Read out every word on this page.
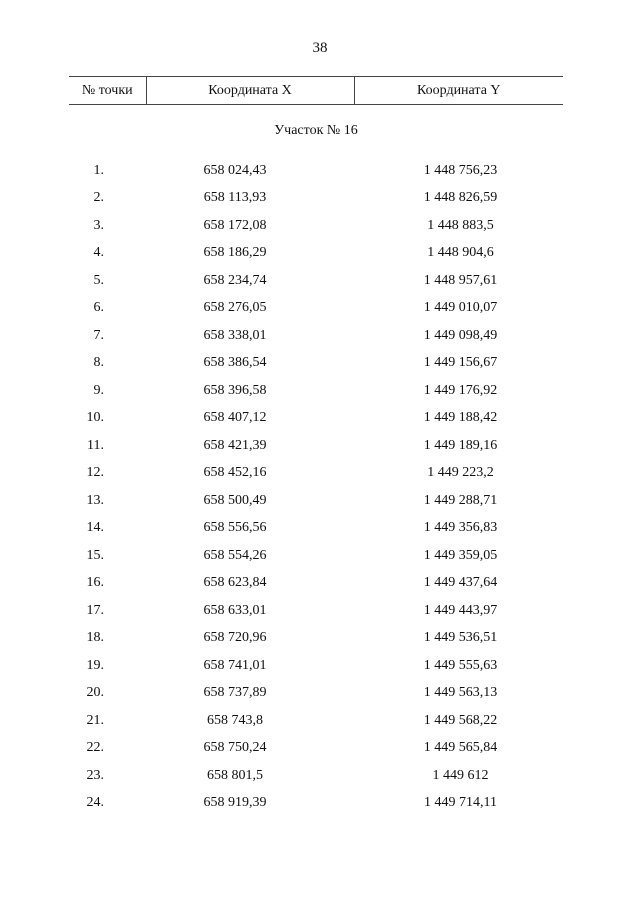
38
№ точки	Координата X	Координата Y
Участок № 16		
1.	658 024,43	1 448 756,23
2.	658 113,93	1 448 826,59
3.	658 172,08	1 448 883,5
4.	658 186,29	1 448 904,6
5.	658 234,74	1 448 957,61
6.	658 276,05	1 449 010,07
7.	658 338,01	1 449 098,49
8.	658 386,54	1 449 156,67
9.	658 396,58	1 449 176,92
10.	658 407,12	1 449 188,42
11.	658 421,39	1 449 189,16
12.	658 452,16	1 449 223,2
13.	658 500,49	1 449 288,71
14.	658 556,56	1 449 356,83
15.	658 554,26	1 449 359,05
16.	658 623,84	1 449 437,64
17.	658 633,01	1 449 443,97
18.	658 720,96	1 449 536,51
19.	658 741,01	1 449 555,63
20.	658 737,89	1 449 563,13
21.	658 743,8	1 449 568,22
22.	658 750,24	1 449 565,84
23.	658 801,5	1 449 612
24.	658 919,39	1 449 714,11
